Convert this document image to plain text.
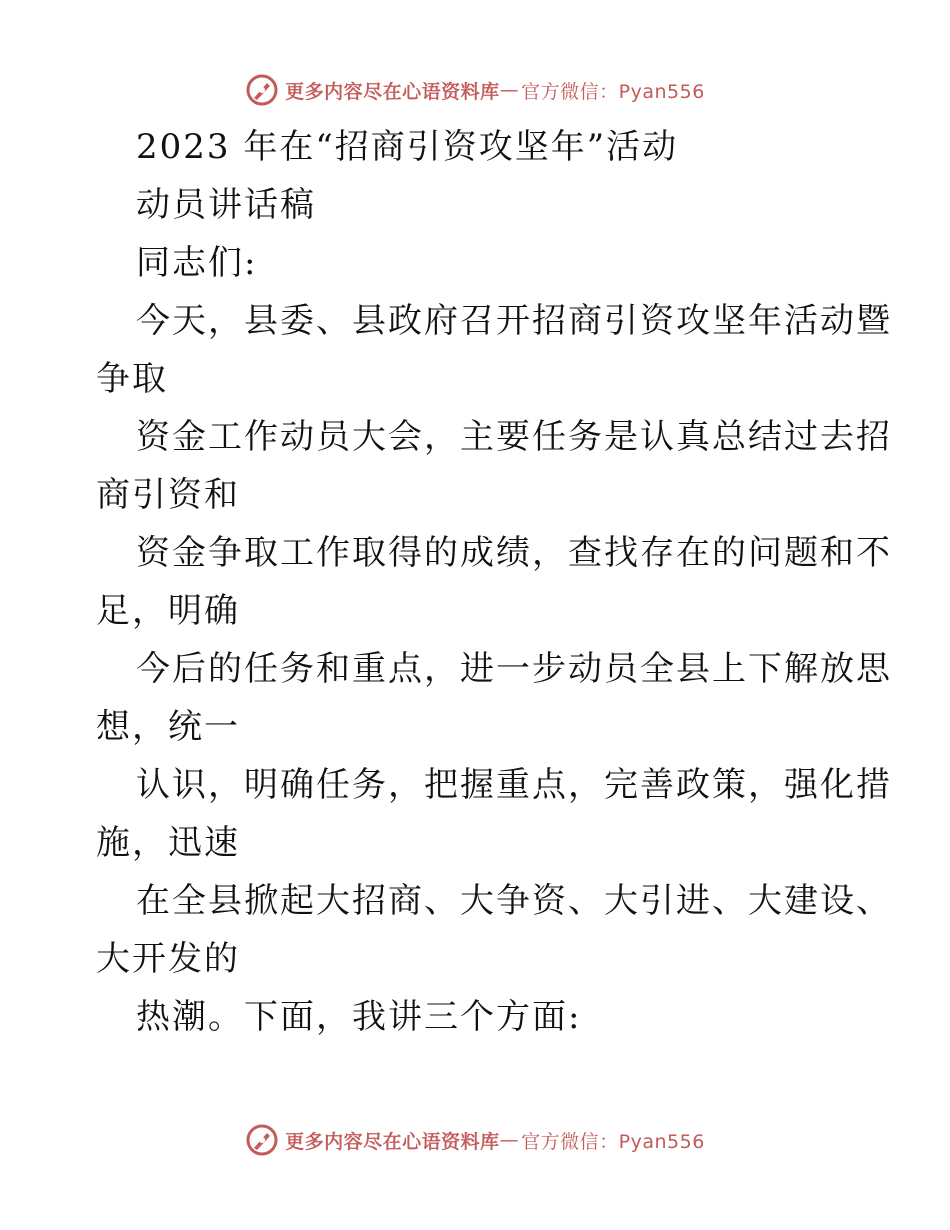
更多内容尽在心语资料库 — 官方微信：Pyan556
2023 年在“招商引资攻坚年”活动
动员讲话稿
同志们:
今天，县委、县政府召开招商引资攻坚年活动暨
争取
资金工作动员大会，主要任务是认真总结过去招
商引资和
资金争取工作取得的成绩，查找存在的问题和不
足，明确
今后的任务和重点，进一步动员全县上下解放思
想，统一
认识，明确任务，把握重点，完善政策，强化措
施，迅速
在全县掀起大招商、大争资、大引进、大建设、
大开发的
热潮。下面，我讲三个方面:
更多内容尽在心语资料库 — 官方微信：Pyan556
